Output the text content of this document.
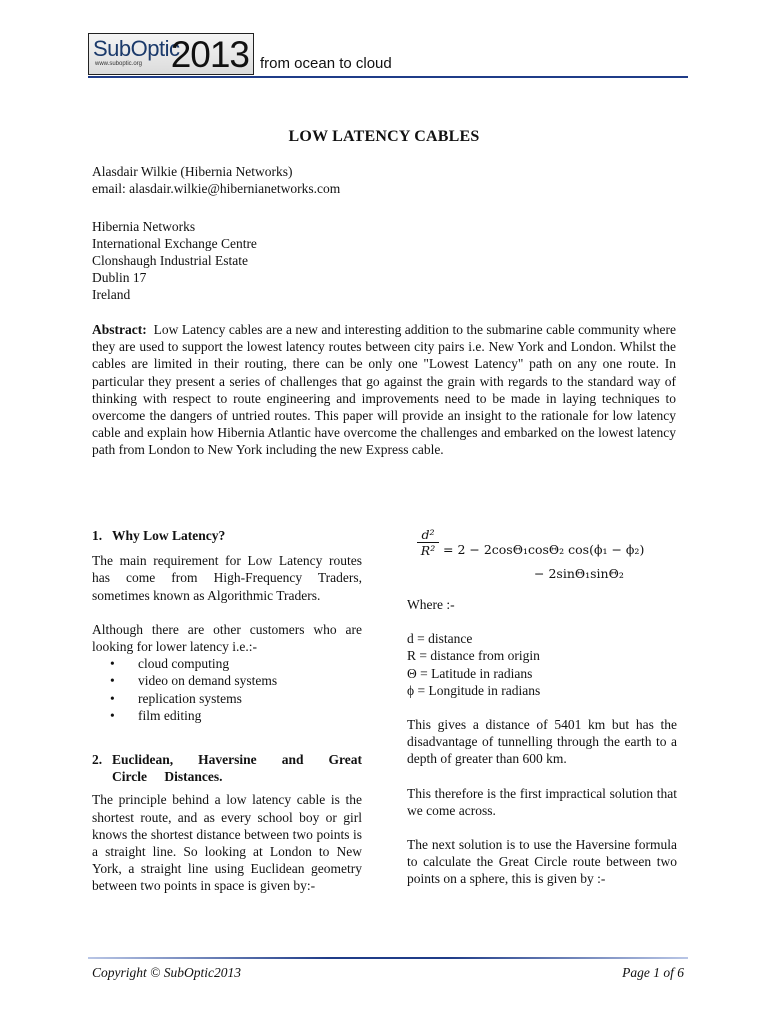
SubOptic
www.suboptic.org 2013 from ocean to cloud
LOW LATENCY CABLES
Alasdair Wilkie (Hibernia Networks)
email: alasdair.wilkie@hibernianetworks.com
Hibernia Networks
International Exchange Centre
Clonshaugh Industrial Estate
Dublin 17
Ireland
Abstract: Low Latency cables are a new and interesting addition to the submarine cable community where they are used to support the lowest latency routes between city pairs i.e. New York and London. Whilst the cables are limited in their routing, there can be only one "Lowest Latency" path on any one route. In particular they present a series of challenges that go against the grain with regards to the standard way of thinking with respect to route engineering and improvements need to be made in laying techniques to overcome the dangers of untried routes. This paper will provide an insight to the rationale for low latency cable and explain how Hibernia Atlantic have overcome the challenges and embarked on the lowest latency path from London to New York including the new Express cable.

1. Why Low Latency?

The main requirement for Low Latency routes has come from High-Frequency Traders, sometimes known as Algorithmic Traders.

Although there are other customers who are looking for lower latency i.e.:-

• cloud computing
• video on demand systems
• replication systems
• film editing

2. Euclidean, Haversine and Great Circle Distances.

The principle behind a low latency cable is the shortest route, and as every school boy or girl knows the shortest distance between two points is a straight line. So looking at London to New York, a straight line using Euclidean geometry between two points in space is given by:-

$\frac{\text{d²}}{\text{R²}} = 2 - 2\cos\Theta_1\cos\Theta_2$ cos(ϕ₁ − ϕ₂)
− 2sinΘ₁sinΘ₂

Where :-

d = distance
R = distance from origin
Θ = Latitude in radians
ϕ = Longitude in radians

This gives a distance of 5401 km but has the disadvantage of tunnelling through the earth to a depth of greater than 600 km.

This therefore is the first impractical solution that we come across.

The next solution is to use the Haversine formula to calculate the Great Circle route between two points on a sphere, this is given by :-

Copyright © SubOptic2013	Page 1 of 6
